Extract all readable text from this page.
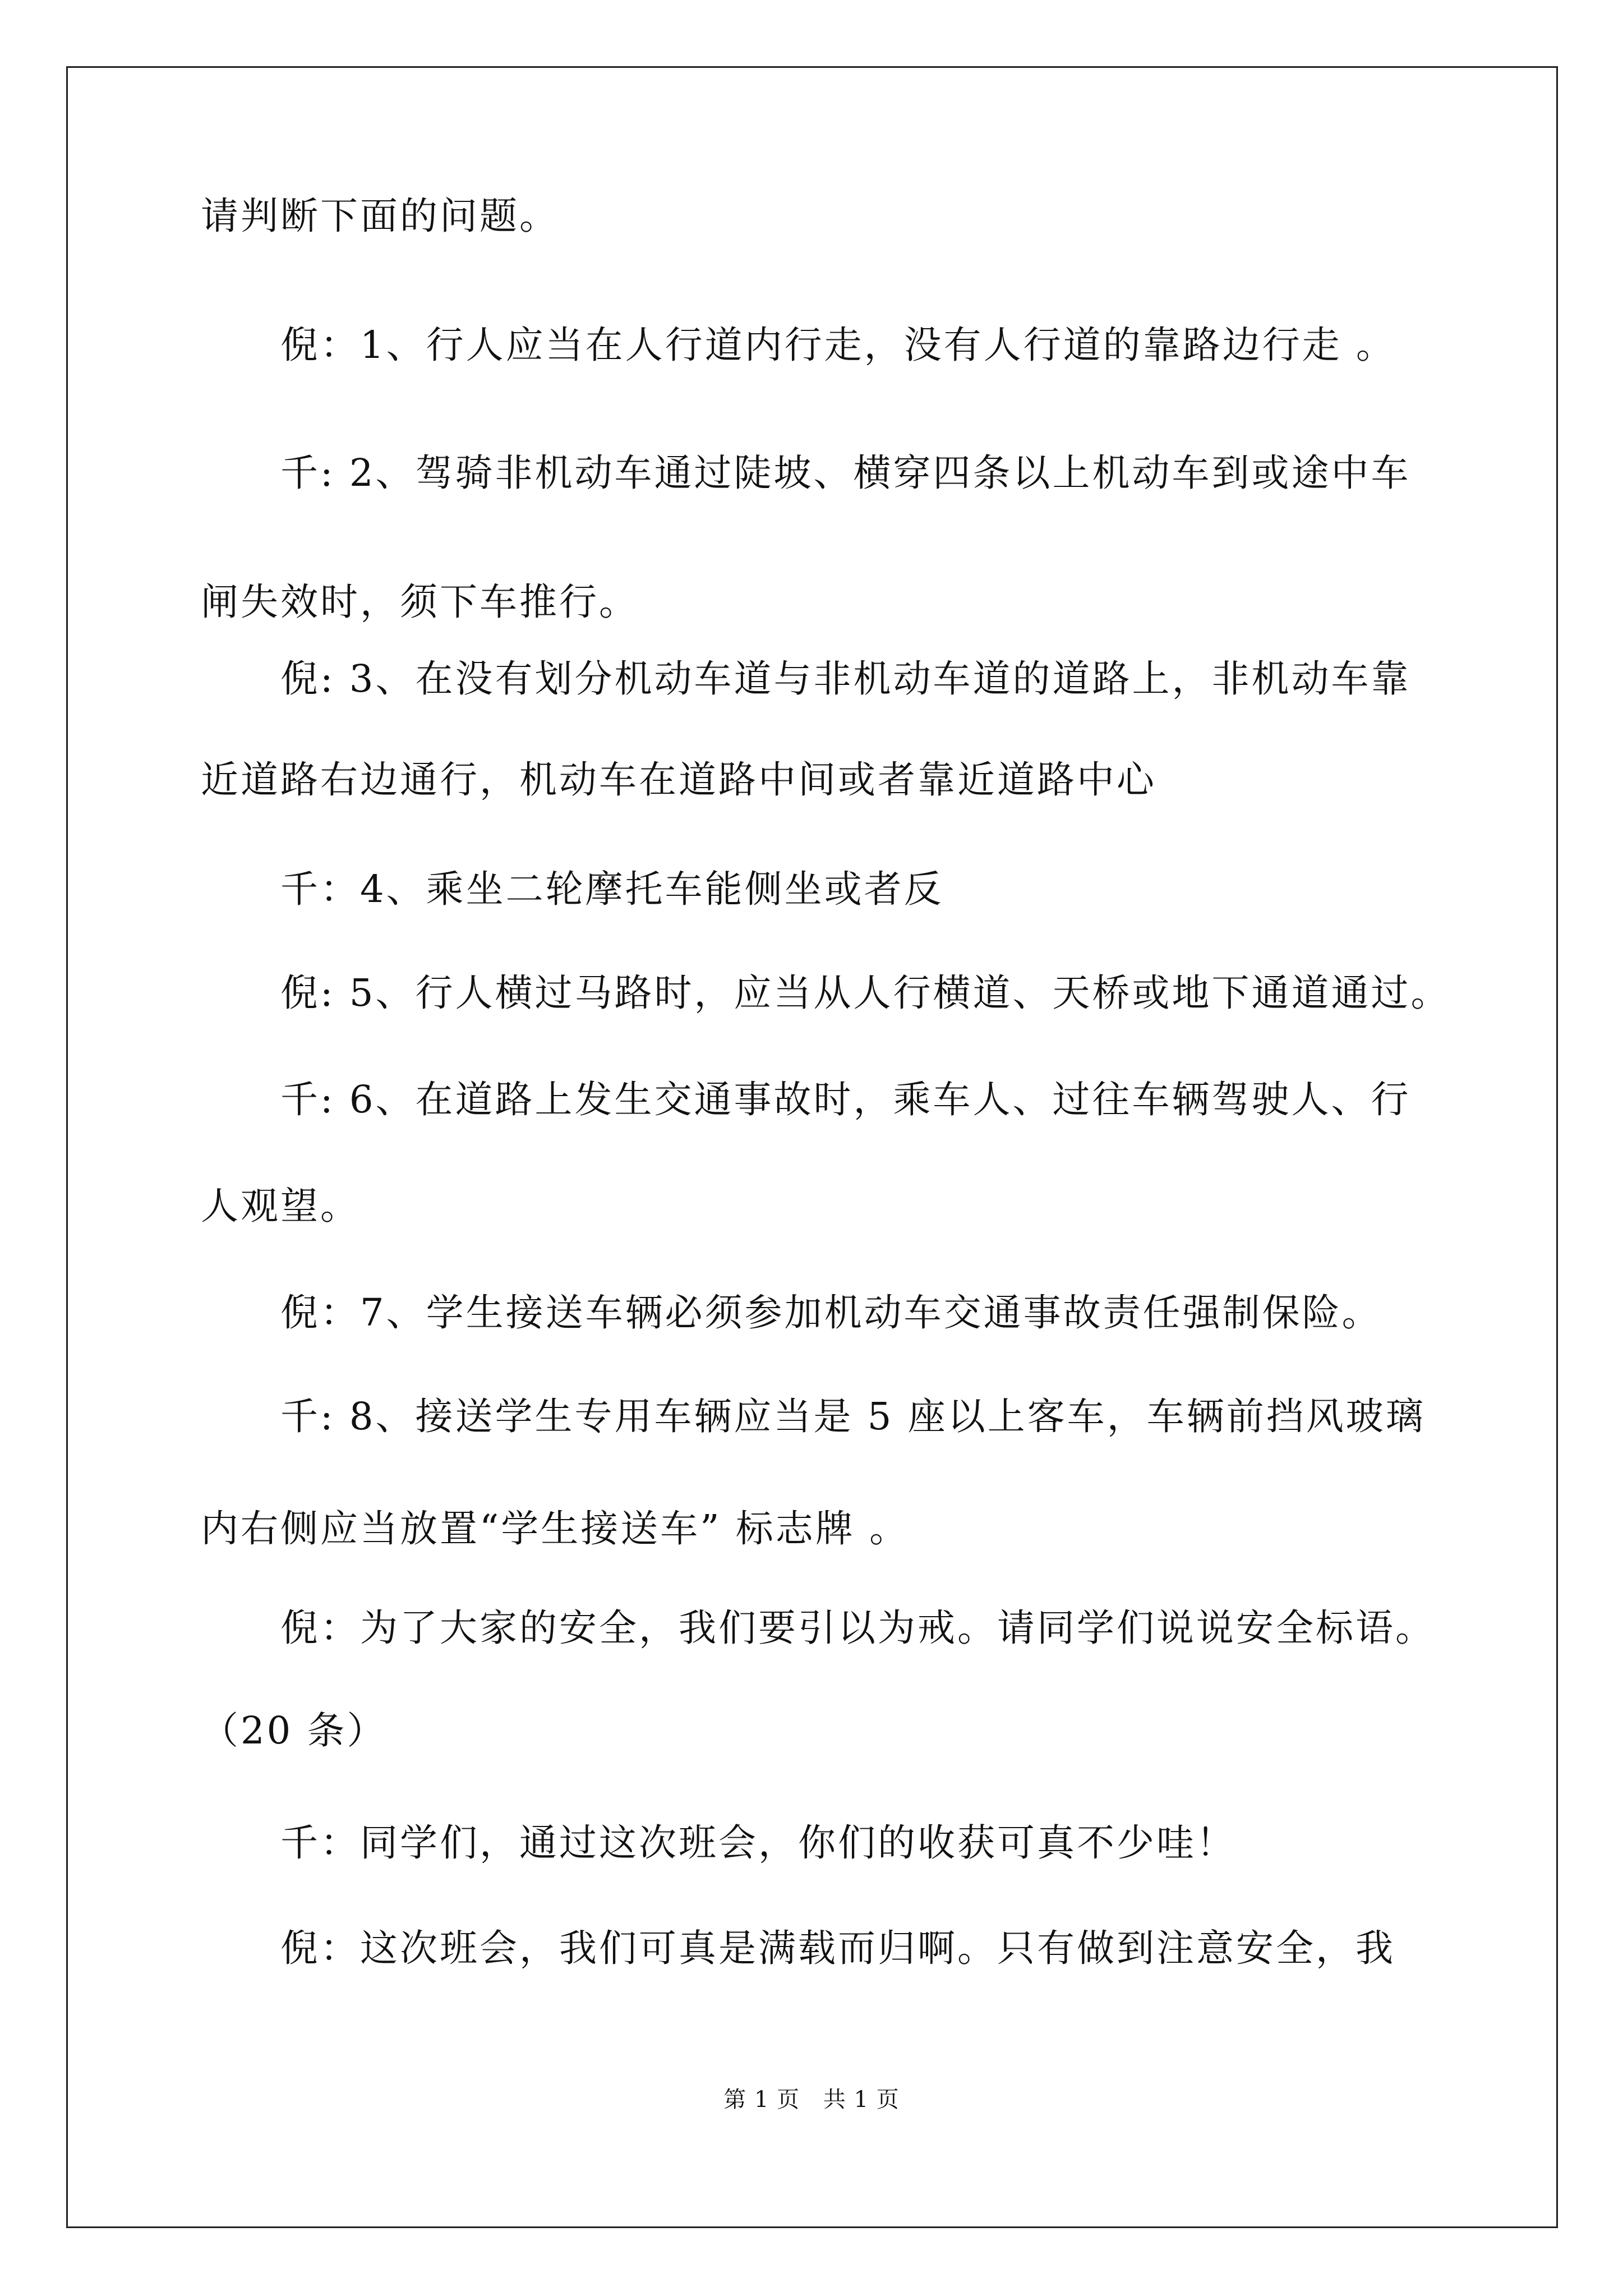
请判断下面的问题。
倪：1、行人应当在人行道内行走，没有人行道的靠路边行走 。
千: 2、驾骑非机动车通过陡坡、横穿四条以上机动车到或途中车
闸失效时，须下车推行。
倪: 3、在没有划分机动车道与非机动车道的道路上，非机动车靠
近道路右边通行，机动车在道路中间或者靠近道路中心
千：4、乘坐二轮摩托车能侧坐或者反
倪: 5、行人横过马路时，应当从人行横道、天桥或地下通道通过。
千: 6、在道路上发生交通事故时，乘车人、过往车辆驾驶人、行
人观望。
倪：7、学生接送车辆必须参加机动车交通事故责任强制保险。
千: 8、接送学生专用车辆应当是 5 座以上客车，车辆前挡风玻璃
内右侧应当放置“学生接送车” 标志牌 。
倪：为了大家的安全，我们要引以为戒。请同学们说说安全标语。
（20 条）
千：同学们，通过这次班会，你们的收获可真不少哇！
倪：这次班会，我们可真是满载而归啊。只有做到注意安全，我
第 1 页 共 1 页
